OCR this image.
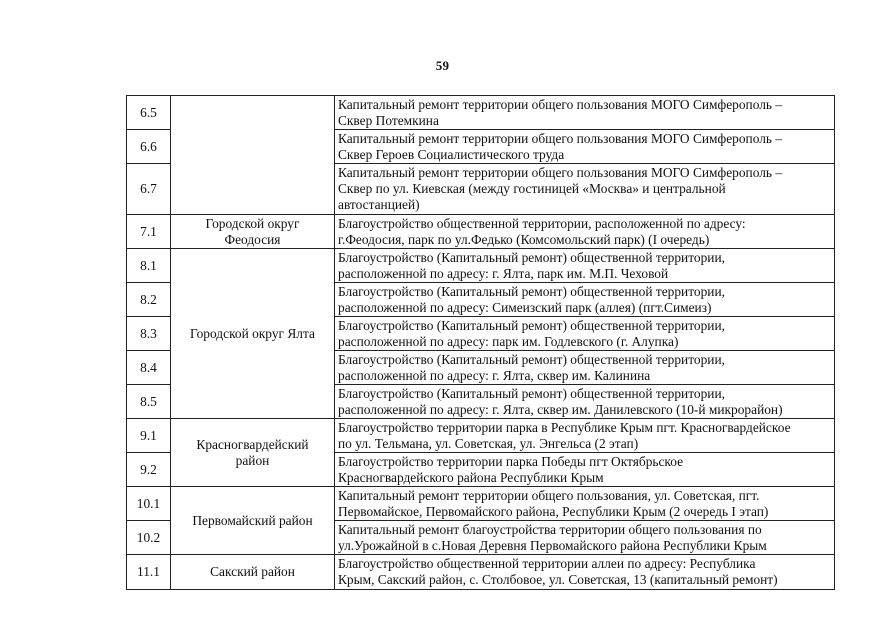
59
6.5		Капитальный ремонт территории общего пользования МОГО Симферополь –
Сквер Потемкина

6.6		Капитальный ремонт территории общего пользования МОГО Симферополь –
Сквер Героев Социалистического труда

6.7		Капитальный ремонт территории общего пользования МОГО Симферополь –
Сквер по ул. Киевская (между гостиницей «Москва» и центральной
автостанцией)

7.1	Городской округ
Феодосия	Благоустройство общественной территории, расположенной по адресу:
г.Феодосия, парк по ул.Федько (Комсомольский парк) (I очередь)

8.1	Городской округ Ялта	Благоустройство (Капитальный ремонт) общественной территории,
расположенной по адресу: г. Ялта, парк им. М.П. Чеховой

8.2		Благоустройство (Капитальный ремонт) общественной территории,
расположенной по адресу: Симеизский парк (аллея) (пгт.Симеиз)

8.3		Благоустройство (Капитальный ремонт) общественной территории,
расположенной по адресу: парк им. Годлевского (г. Алупка)

8.4		Благоустройство (Капитальный ремонт) общественной территории,
расположенной по адресу: г. Ялта, сквер им. Калинина

8.5		Благоустройство (Капитальный ремонт) общественной территории,
расположенной по адресу: г. Ялта, сквер им. Данилевского (10-й микрорайон)

9.1	Красногвардейский
район	Благоустройство территории парка в Республике Крым пгт. Красногвардейское
по ул. Тельмана, ул. Советская, ул. Энгельса (2 этап)

9.2		Благоустройство территории парка Победы пгт Октябрьское
Красногвардейского района Республики Крым

10.1	Первомайский район	Капитальный ремонт территории общего пользования, ул. Советская, пгт.
Первомайское, Первомайского района, Республики Крым (2 очередь I этап)

10.2		Капитальный ремонт благоустройства территории общего пользования по
ул.Урожайной в с.Новая Деревня Первомайского района Республики Крым

11.1	Сакский район	Благоустройство общественной территории аллеи по адресу: Республика
Крым, Сакский район, с. Столбовое, ул. Советская, 13 (капитальный ремонт)
